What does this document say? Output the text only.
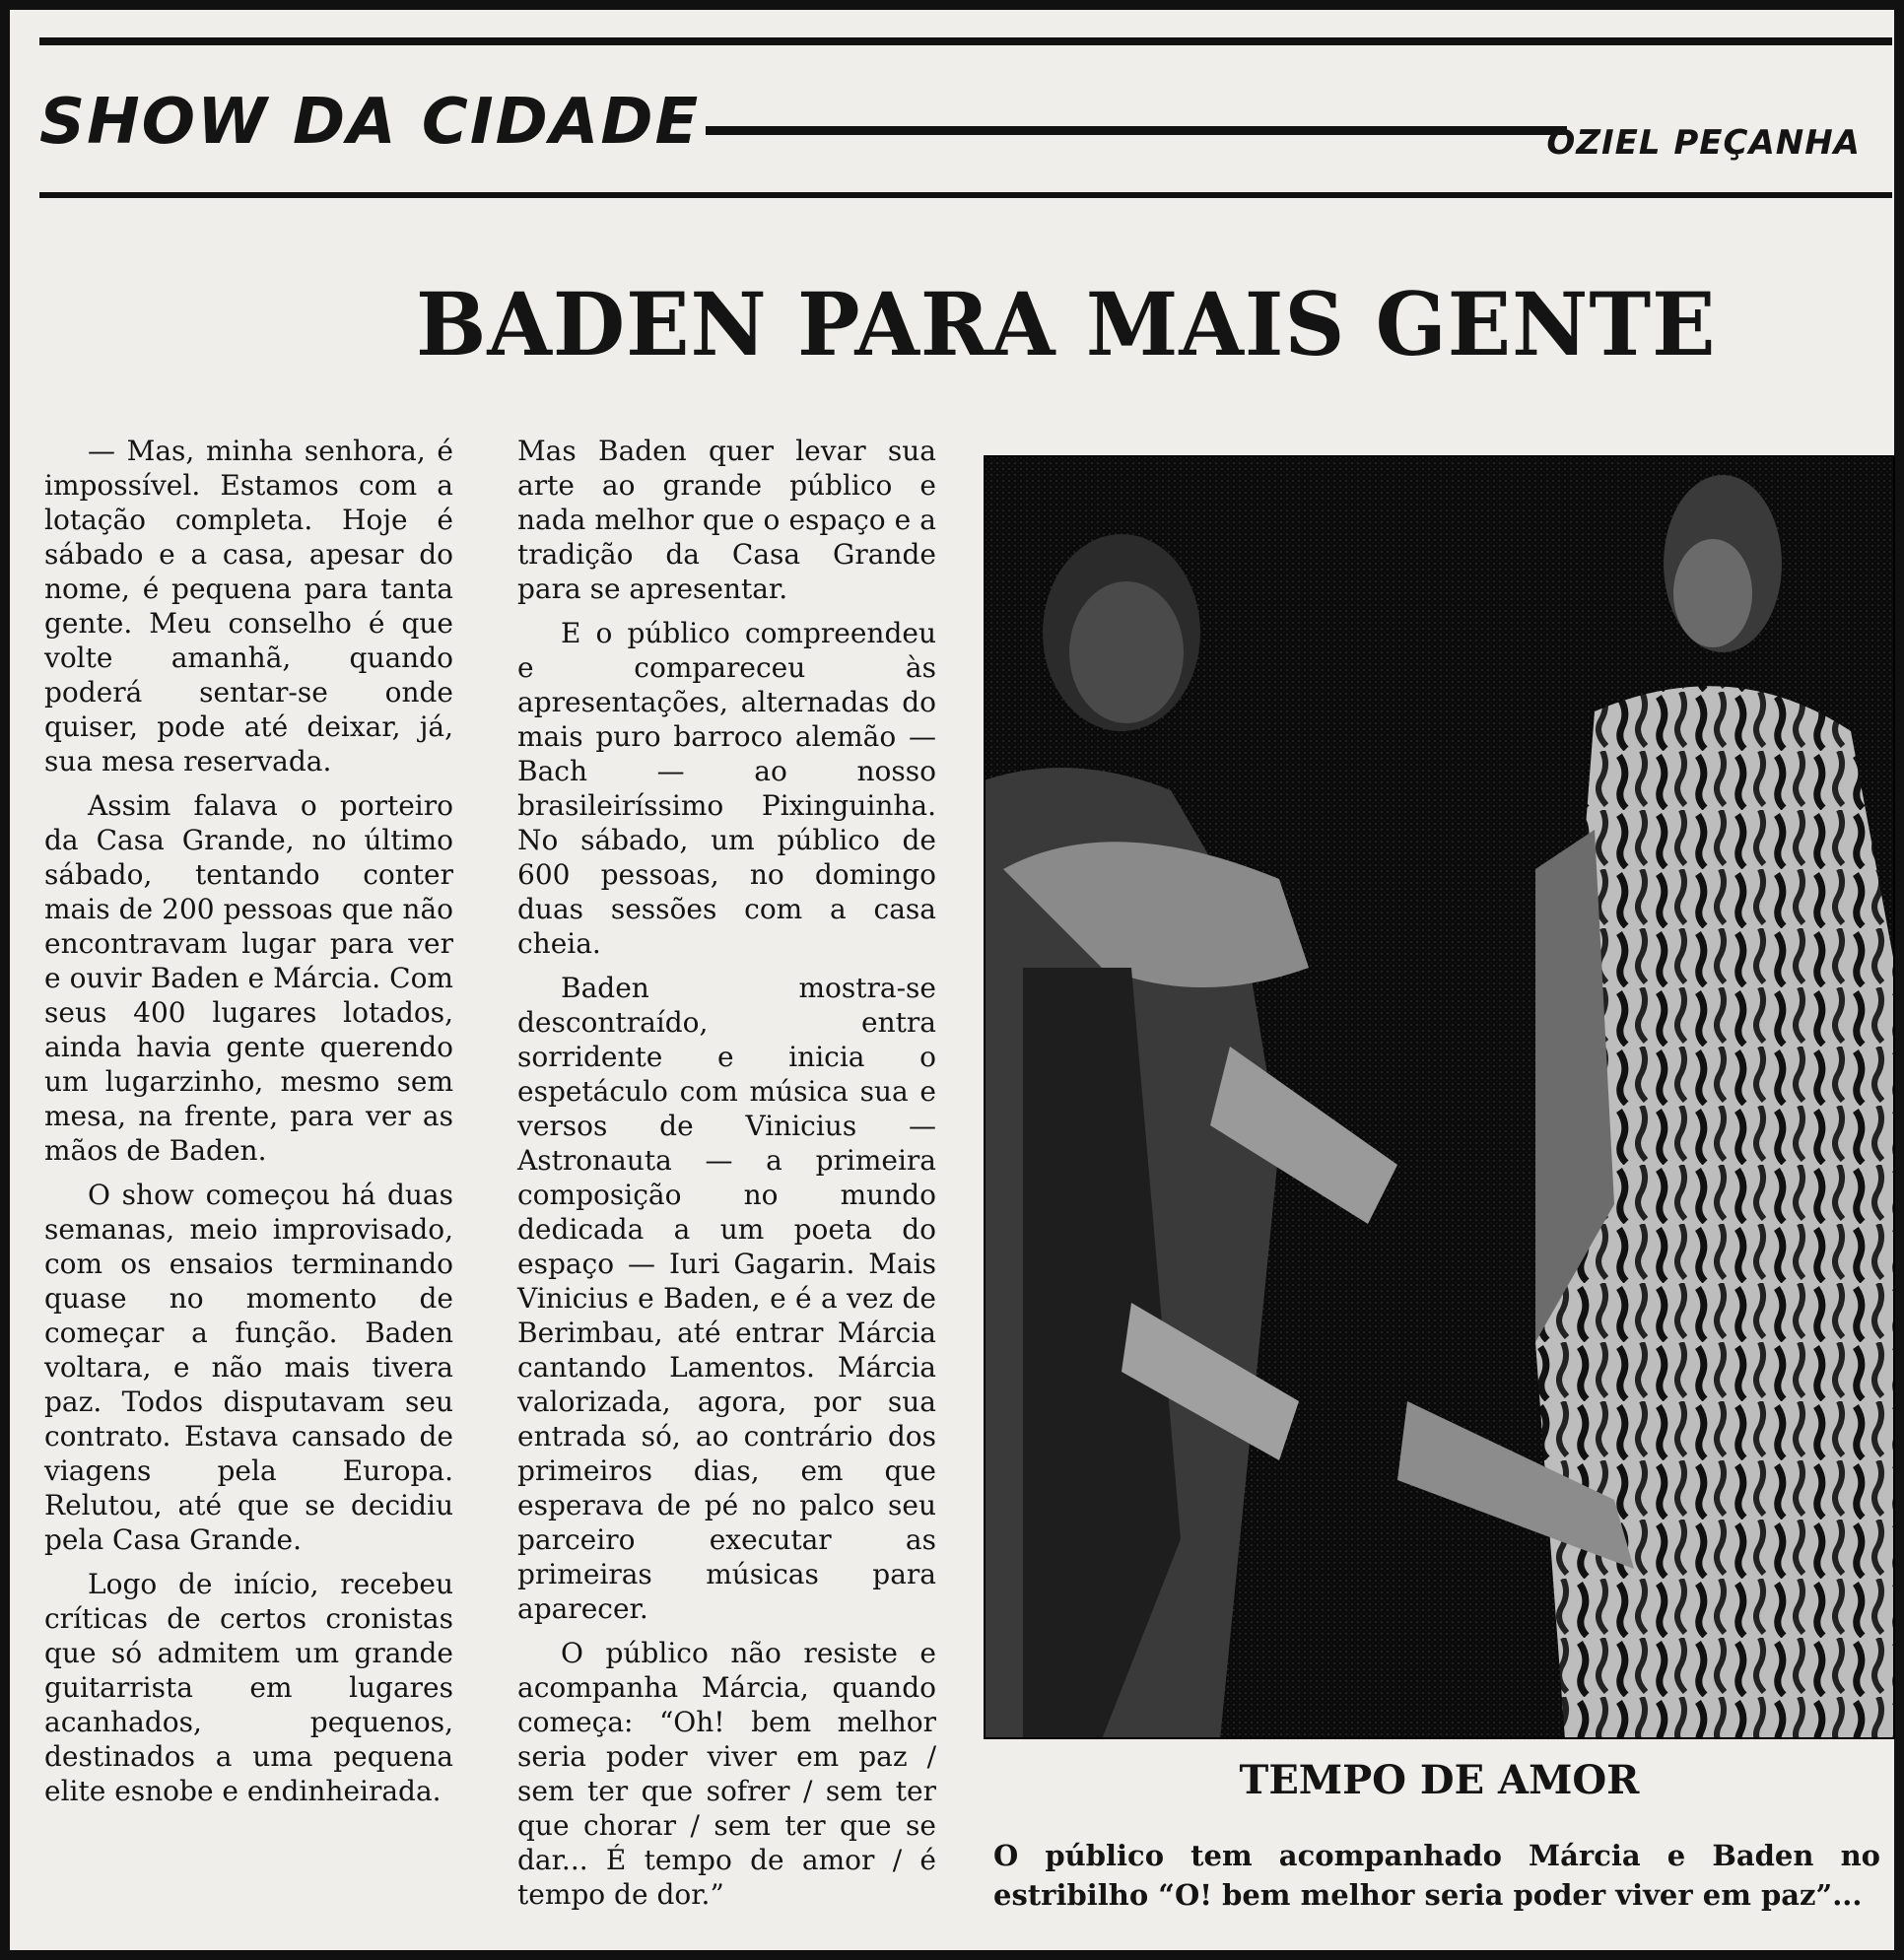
SHOW DA CIDADE	OZIEL PEÇANHA
BADEN PARA MAIS GENTE

— Mas, minha senhora, é impossível. Estamos com a lotação completa. Hoje é sábado e a casa, apesar do nome, é pequena para tanta gente. Meu conselho é que volte amanhã, quando poderá sentar-se onde quiser, pode até deixar, já, sua mesa reservada.

Assim falava o porteiro da Casa Grande, no último sábado, tentando conter mais de 200 pessoas que não encontravam lugar para ver e ouvir Baden e Márcia. Com seus 400 lugares lotados, ainda havia gente querendo um lugarzinho, mesmo sem mesa, na frente, para ver as mãos de Baden.

O show começou há duas semanas, meio improvisado, com os ensaios terminando quase no momento de começar a função. Baden voltara, e não mais tivera paz. Todos disputavam seu contrato. Estava cansado de viagens pela Europa. Relutou, até que se decidiu pela Casa Grande.

Logo de início, recebeu críticas de certos cronistas que só admitem um grande guitarrista em lugares acanhados, pequenos, destinados a uma pequena elite esnobe e endinheirada.

Mas Baden quer levar sua arte ao grande público e nada melhor que o espaço e a tradição da Casa Grande para se apresentar.

E o público compreendeu e compareceu às apresentações, alternadas do mais puro barroco alemão — Bach — ao nosso brasileiríssimo Pixinguinha. No sábado, um público de 600 pessoas, no domingo duas sessões com a casa cheia.

Baden mostra-se descontraído, entra sorridente e inicia o espetáculo com música sua e versos de Vinicius — Astronauta — a primeira composição no mundo dedicada a um poeta do espaço — Iuri Gagarin. Mais Vinicius e Baden, e é a vez de Berimbau, até entrar Márcia cantando Lamentos. Márcia valorizada, agora, por sua entrada só, ao contrário dos primeiros dias, em que esperava de pé no palco seu parceiro executar as primeiras músicas para aparecer.

O público não resiste e acompanha Márcia, quando começa: “Oh! bem melhor seria poder viver em paz / sem ter que sofrer / sem ter que chorar / sem ter que se dar... É tempo de amor / é tempo de dor.”

TEMPO DE AMOR
O público tem acompanhado Márcia e Baden no estribilho “O! bem melhor seria poder viver em paz”...
